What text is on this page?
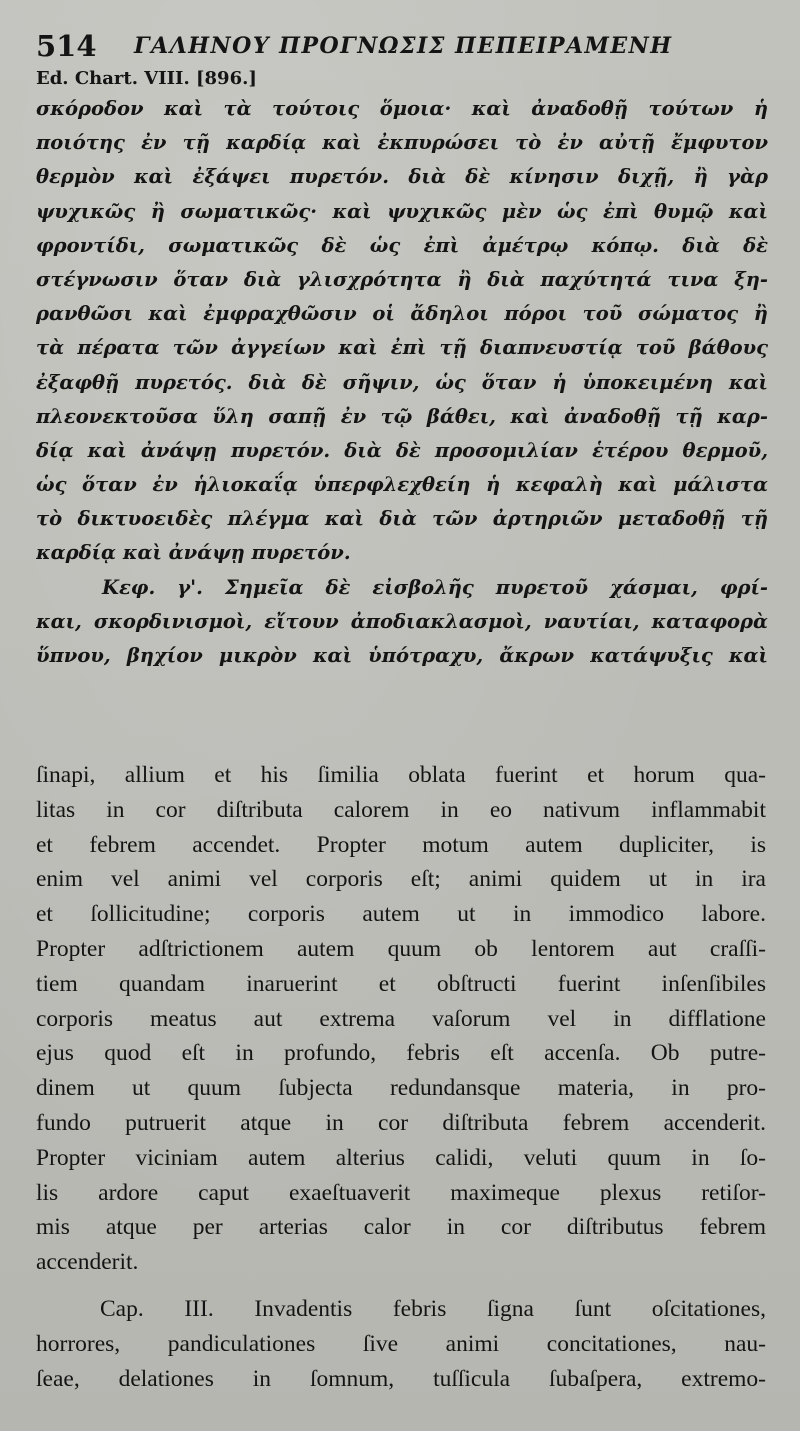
514 ΓΑΛΗΝΟΥ ΠΡΟΓΝΩΣΙΣ ΠΕΠΕΙΡΑΜΕΝΗ
Ed. Chart. VIII. [896.]
σκόροδον καὶ τὰ τούτοις ὅμοια· καὶ ἀναδοθῇ τούτων ἡ
ποιότης ἐν τῇ καρδίᾳ καὶ ἐκπυρώσει τὸ ἐν αὐτῇ ἔμφυτον
θερμὸν καὶ ἐξάψει πυρετόν. διὰ δὲ κίνησιν διχῇ, ἢ γὰρ
ψυχικῶς ἢ σωματικῶς· καὶ ψυχικῶς μὲν ὡς ἐπὶ θυμῷ καὶ
φροντίδι, σωματικῶς δὲ ὡς ἐπὶ ἀμέτρῳ κόπῳ. διὰ δὲ
στέγνωσιν ὅταν διὰ γλισχρότητα ἢ διὰ παχύτητά τινα ξη-
ρανθῶσι καὶ ἐμφραχθῶσιν οἱ ἄδηλοι πόροι τοῦ σώματος ἢ
τὰ πέρατα τῶν ἀγγείων καὶ ἐπὶ τῇ διαπνευστίᾳ τοῦ βάθους
ἐξαφθῇ πυρετός. διὰ δὲ σῆψιν, ὡς ὅταν ἡ ὑποκειμένη καὶ
πλεονεκτοῦσα ὕλη σαπῇ ἐν τῷ βάθει, καὶ ἀναδοθῇ τῇ καρ-
δίᾳ καὶ ἀνάψῃ πυρετόν. διὰ δὲ προσομιλίαν ἑτέρου θερμοῦ,
ὡς ὅταν ἐν ἡλιοκαΐᾳ ὑπερφλεχθείη ἡ κεφαλὴ καὶ μάλιστα
τὸ δικτυοειδὲς πλέγμα καὶ διὰ τῶν ἀρτηριῶν μεταδοθῇ τῇ
καρδίᾳ καὶ ἀνάψῃ πυρετόν.
Κεφ. γ'. Σημεῖα δὲ εἰσβολῆς πυρετοῦ χάσμαι, φρί-
και, σκορδινισμοὶ, εἴτουν ἀποδιακλασμοὶ, ναυτίαι, καταφορὰ
ὕπνου, βηχίον μικρὸν καὶ ὑπότραχυ, ἄκρων κατάψυξις καὶ
ſinapi, allium et his ſimilia oblata fuerint et horum qua-
litas in cor diſtributa calorem in eo nativum inflammabit
et febrem accendet. Propter motum autem dupliciter, is
enim vel animi vel corporis eſt; animi quidem ut in ira
et ſollicitudine; corporis autem ut in immodico labore.
Propter adſtrictionem autem quum ob lentorem aut craſſi-
tiem quandam inaruerint et obſtructi fuerint inſenſibiles
corporis meatus aut extrema vaſorum vel in difflatione
ejus quod eſt in profundo, febris eſt accenſa. Ob putre-
dinem ut quum ſubjecta redundansque materia, in pro-
fundo putruerit atque in cor diſtributa febrem accenderit.
Propter viciniam autem alterius calidi, veluti quum in ſo-
lis ardore caput exaeſtuaverit maximeque plexus retiſor-
mis atque per arterias calor in cor diſtributus febrem
accenderit.
Cap. III. Invadentis febris ſigna ſunt oſcitationes,
horrores, pandiculationes ſive animi concitationes, nau-
ſeae, delationes in ſomnum, tuſſicula ſubaſpera, extremo-
